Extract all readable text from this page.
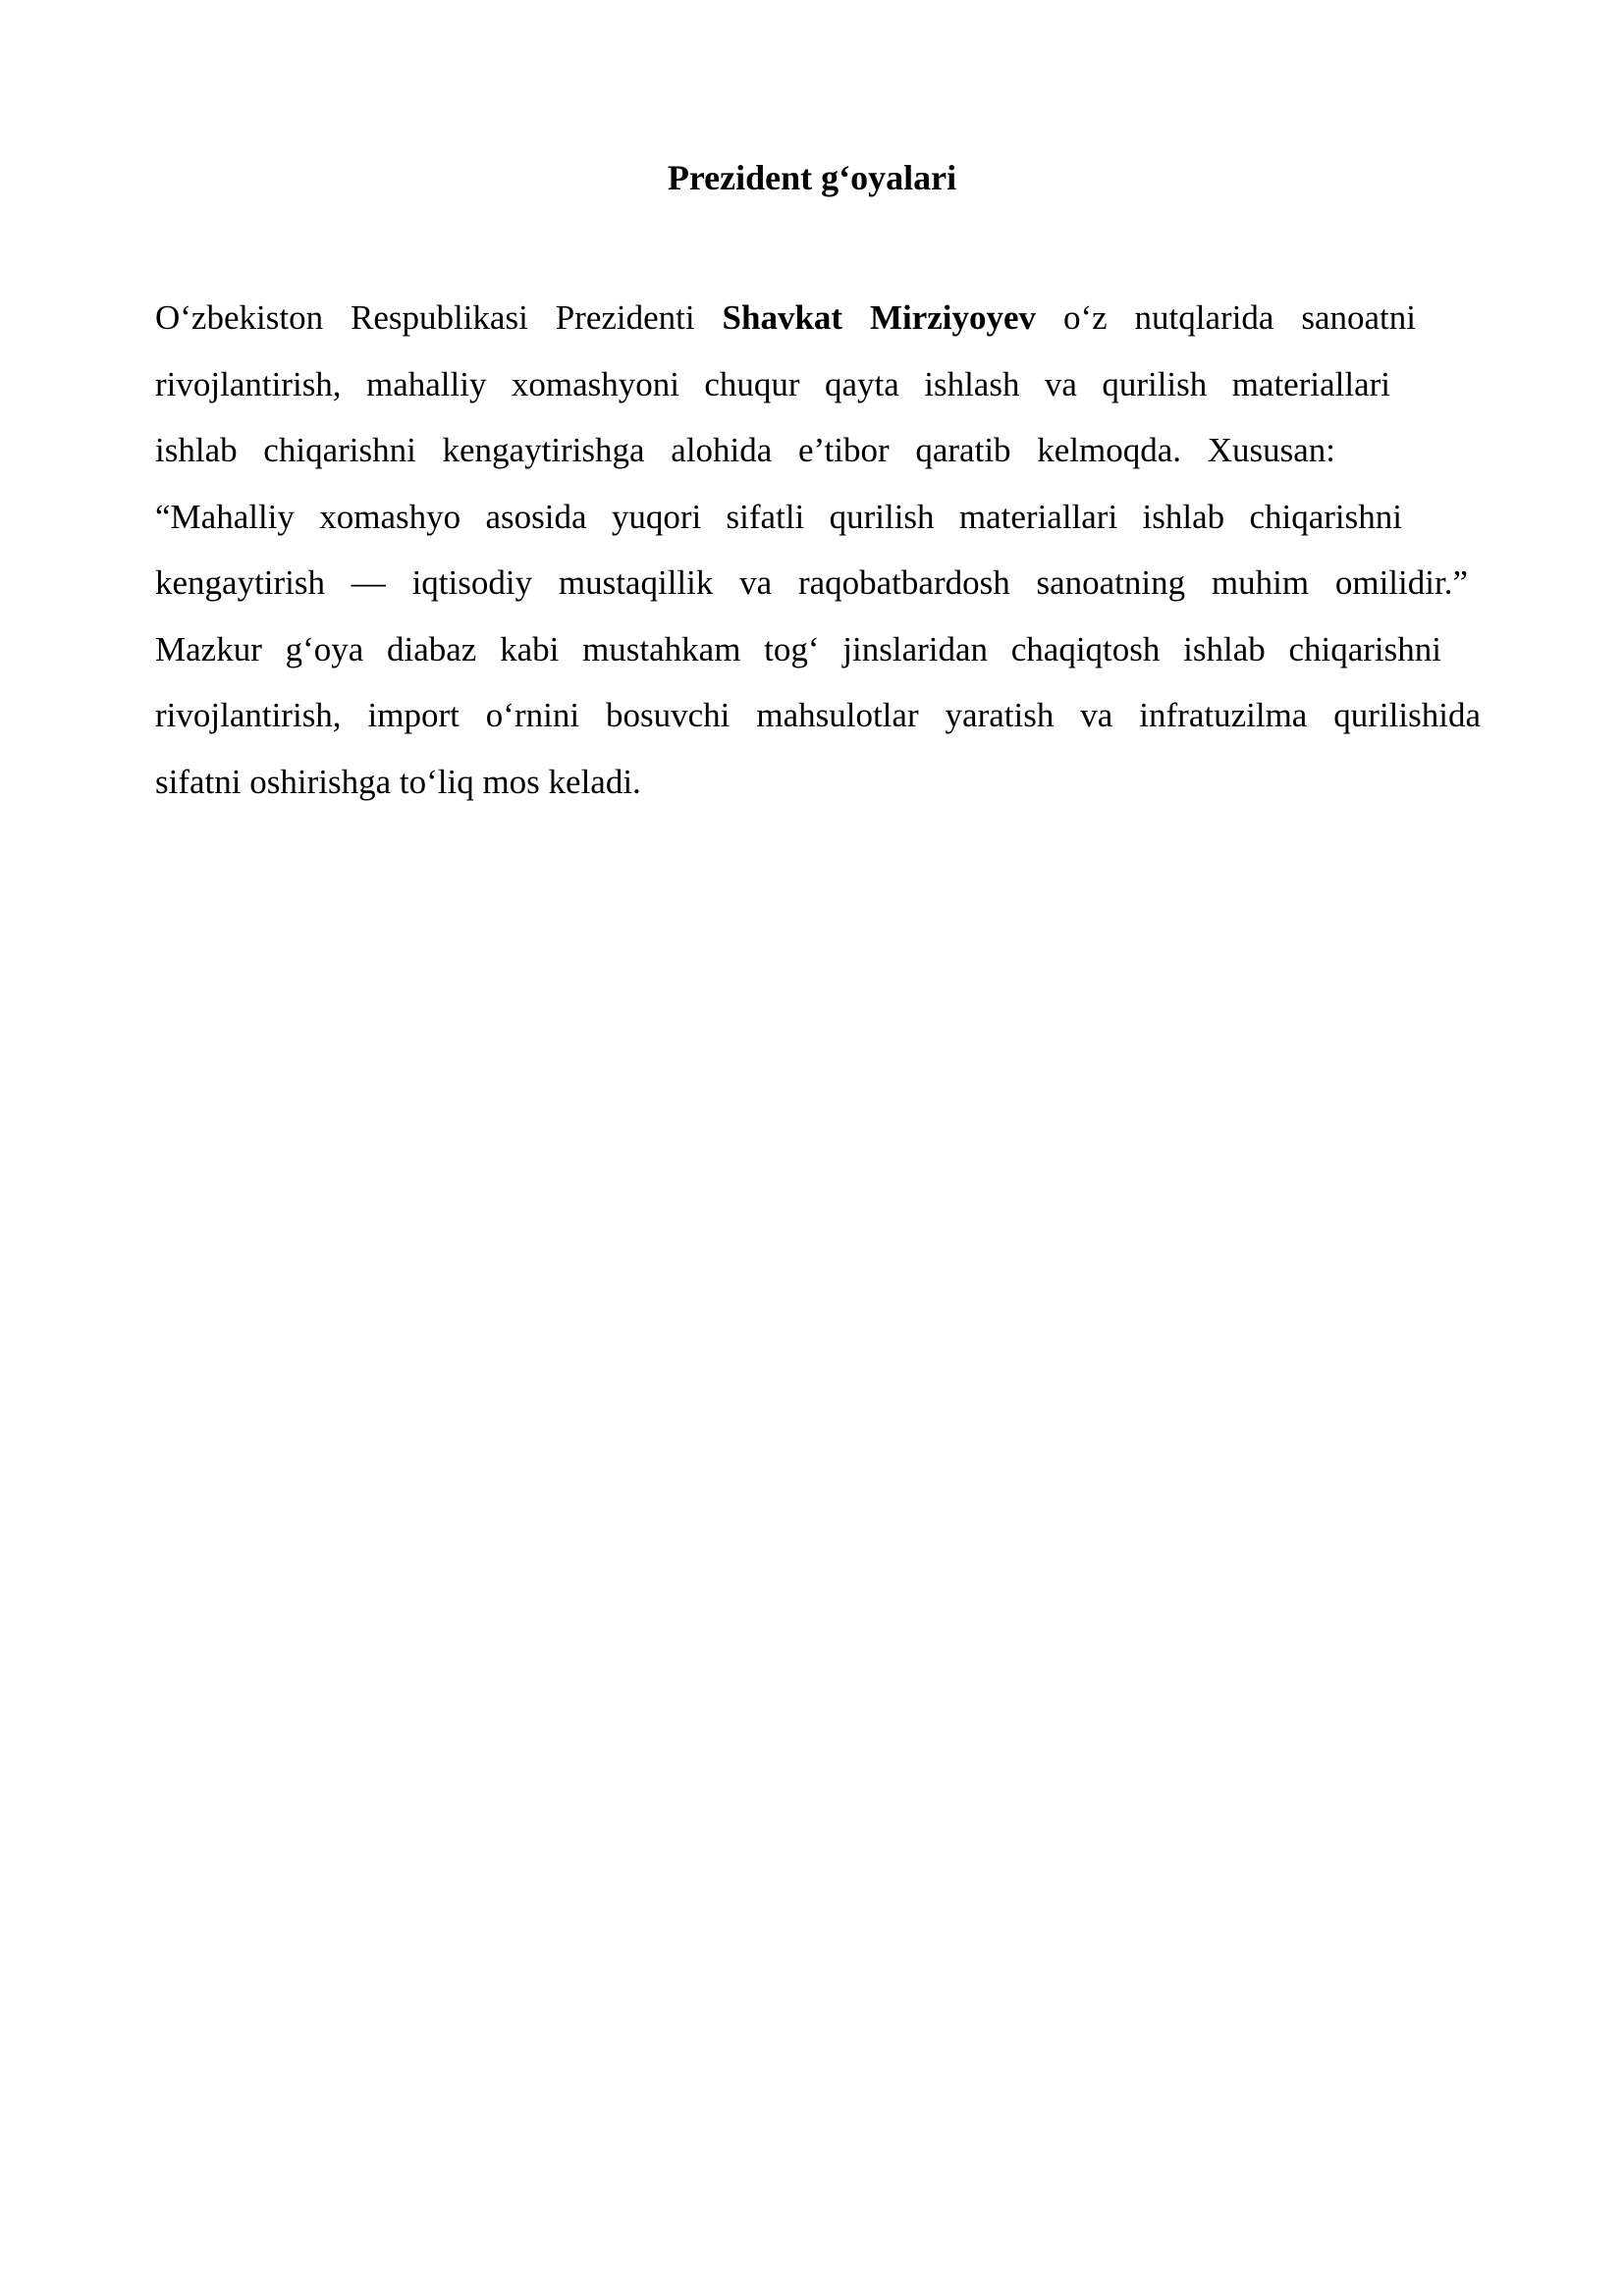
Prezident g‘oyalari
O‘zbekiston Respublikasi Prezidenti Shavkat Mirziyoyev o‘z nutqlarida sanoatni
rivojlantirish, mahalliy xomashyoni chuqur qayta ishlash va qurilish materiallari
ishlab chiqarishni kengaytirishga alohida e’tibor qaratib kelmoqda. Xususan:
“Mahalliy xomashyo asosida yuqori sifatli qurilish materiallari ishlab chiqarishni
kengaytirish — iqtisodiy mustaqillik va raqobatbardosh sanoatning muhim omilidir.”
Mazkur g‘oya diabaz kabi mustahkam tog‘ jinslaridan chaqiqtosh ishlab chiqarishni
rivojlantirish, import o‘rnini bosuvchi mahsulotlar yaratish va infratuzilma qurilishida
sifatni oshirishga to‘liq mos keladi.
